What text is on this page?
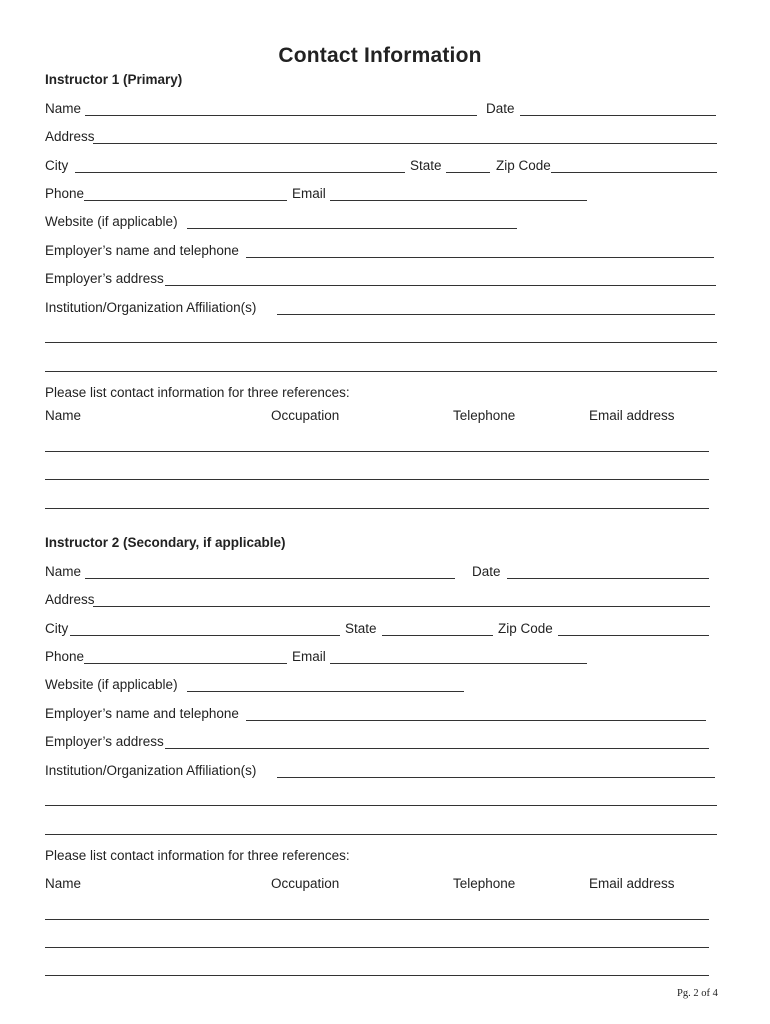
Contact Information
Instructor 1 (Primary)
Name	Date
Address
City	State	Zip Code
Phone	Email
Website (if applicable)
Employer’s name and telephone
Employer’s address
Institution/Organization Affiliation(s)
Please list contact information for three references:
Name	Occupation	Telephone	Email address
Instructor 2 (Secondary, if applicable)
Name	Date
Address
City	State	Zip Code
Phone	Email
Website (if applicable)
Employer’s name and telephone
Employer’s address
Institution/Organization Affiliation(s)
Please list contact information for three references:
Name	Occupation	Telephone	Email address
Pg. 2 of 4
